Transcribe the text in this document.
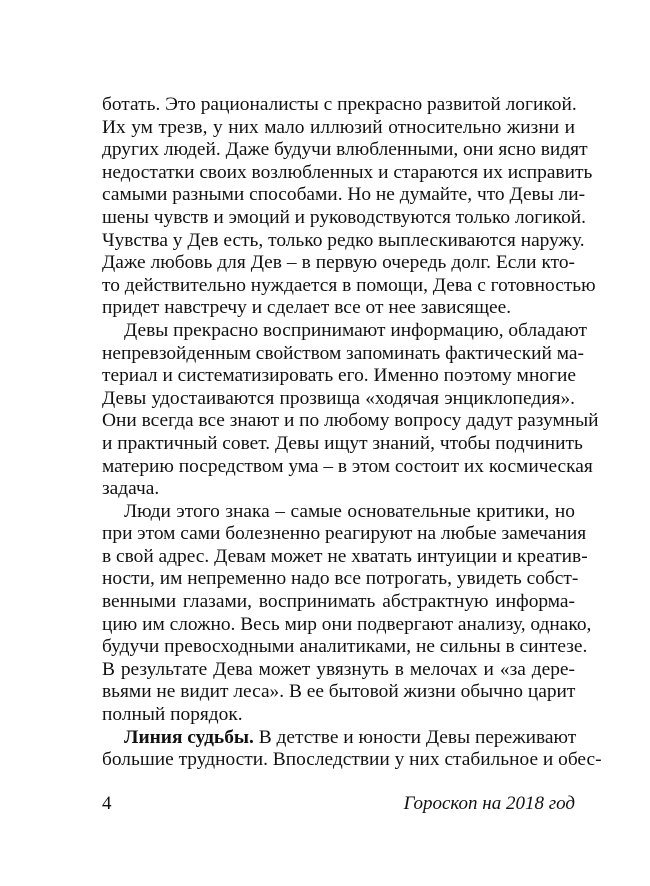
ботать. Это рационалисты с прекрасно развитой логикой.
Их ум трезв, у них мало иллюзий относительно жизни и
других людей. Даже будучи влюбленными, они ясно видят
недостатки своих возлюбленных и стараются их исправить
самыми разными способами. Но не думайте, что Девы ли-
шены чувств и эмоций и руководствуются только логикой.
Чувства у Дев есть, только редко выплескиваются наружу.
Даже любовь для Дев – в первую очередь долг. Если кто-
то действительно нуждается в помощи, Дева с готовностью
придет навстречу и сделает все от нее зависящее.
Девы прекрасно воспринимают информацию, обладают
непревзойденным свойством запоминать фактический ма-
териал и систематизировать его. Именно поэтому многие
Девы удостаиваются прозвища «ходячая энциклопедия».
Они всегда все знают и по любому вопросу дадут разумный
и практичный совет. Девы ищут знаний, чтобы подчинить
материю посредством ума – в этом состоит их космическая
задача.
Люди этого знака – самые основательные критики, но
при этом сами болезненно реагируют на любые замечания
в свой адрес. Девам может не хватать интуиции и креатив-
ности, им непременно надо все потрогать, увидеть собст-
венными глазами, воспринимать абстрактную информа-
цию им сложно. Весь мир они подвергают анализу, однако,
будучи превосходными аналитиками, не сильны в синтезе.
В результате Дева может увязнуть в мелочах и «за дере-
вьями не видит леса». В ее бытовой жизни обычно царит
полный порядок.
Линия судьбы. В детстве и юности Девы переживают
большие трудности. Впоследствии у них стабильное и обес-
4	Гороскоп на 2018 год
